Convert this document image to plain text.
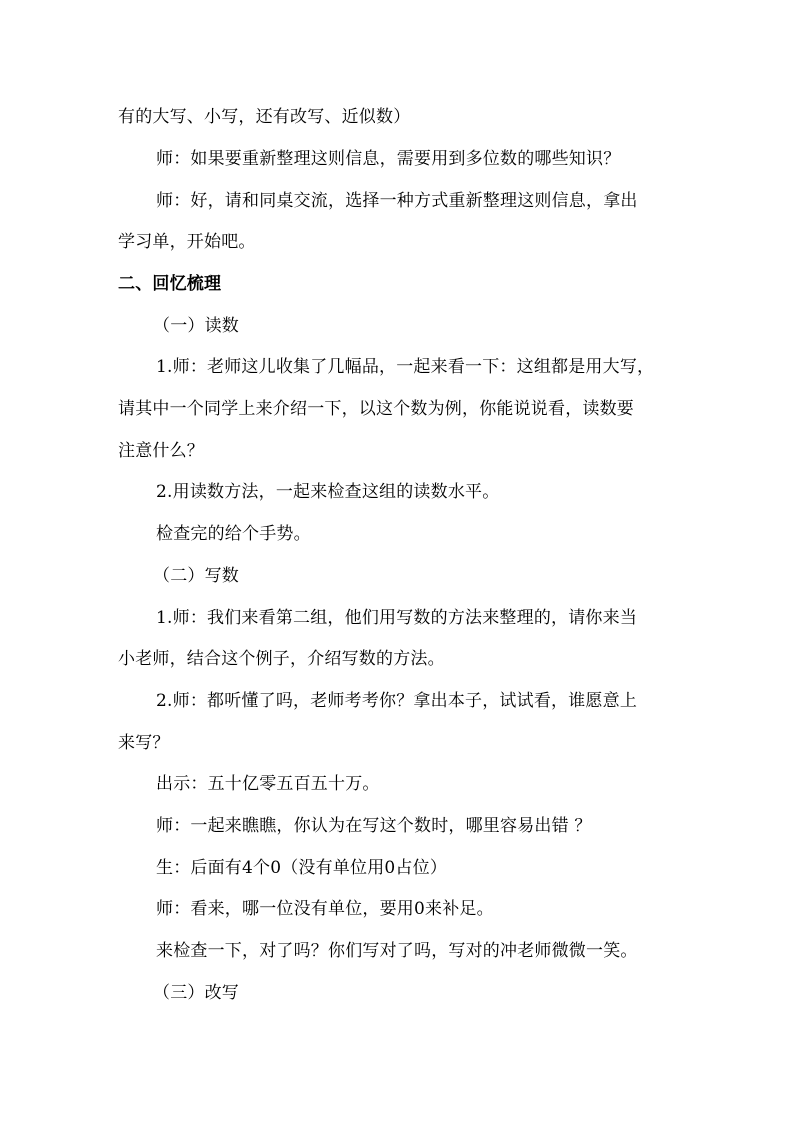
有的大写、小写，还有改写、近似数）
师：如果要重新整理这则信息，需要用到多位数的哪些知识？
师：好，请和同桌交流，选择一种方式重新整理这则信息，拿出
学习单，开始吧。
二、回忆梳理
（一）读数
1.师：老师这儿收集了几幅品，一起来看一下：这组都是用大写，
请其中一个同学上来介绍一下，以这个数为例，你能说说看，读数要
注意什么？
2.用读数方法，一起来检查这组的读数水平。
检查完的给个手势。
（二）写数
1.师：我们来看第二组，他们用写数的方法来整理的，请你来当
小老师，结合这个例子，介绍写数的方法。
2.师：都听懂了吗，老师考考你？拿出本子，试试看，谁愿意上
来写？
出示：五十亿零五百五十万。
师：一起来瞧瞧，你认为在写这个数时，哪里容易出错 ？
生：后面有4个0（没有单位用0占位）
师：看来，哪一位没有单位，要用0来补足。
来检查一下，对了吗？你们写对了吗，写对的冲老师微微一笑。
（三）改写
